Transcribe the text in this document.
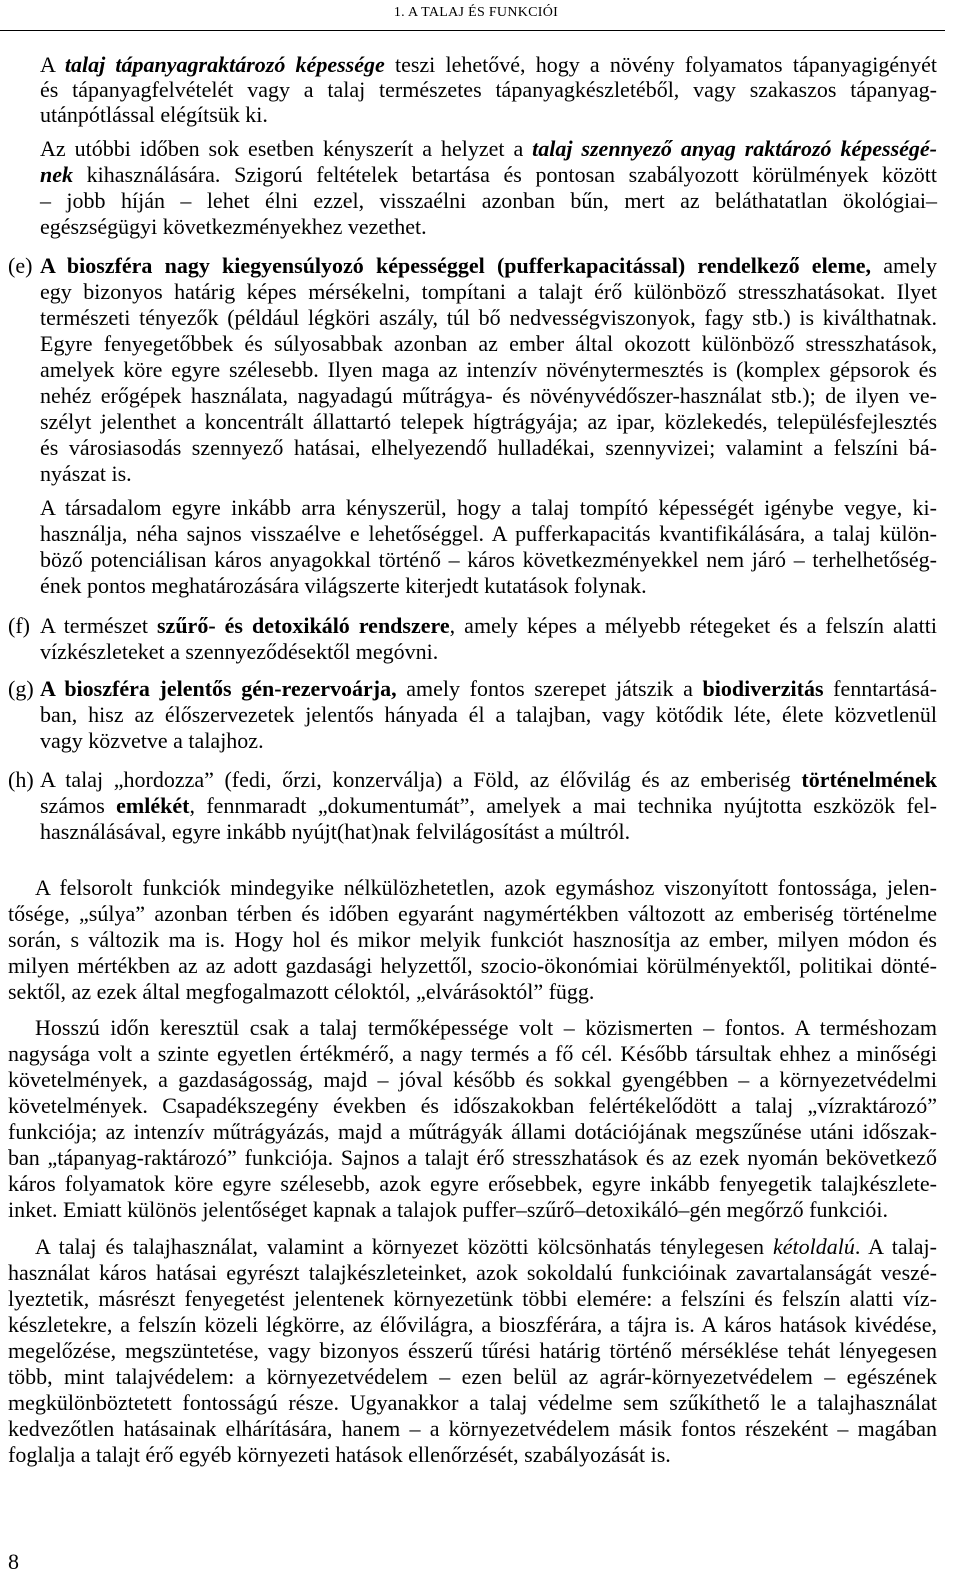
1. A TALAJ ÉS FUNKCIÓI
A talaj tápanyagraktározó képessége teszi lehetővé, hogy a növény folyamatos tápanyagigényét
és tápanyagfelvételét vagy a talaj természetes tápanyagkészletéből, vagy szakaszos tápanyag-
utánpótlással elégítsük ki.
Az utóbbi időben sok esetben kényszerít a helyzet a talaj szennyező anyag raktározó képességé-
nek kihasználására. Szigorú feltételek betartása és pontosan szabályozott körülmények között
– jobb híján – lehet élni ezzel, visszaélni azonban bűn, mert az beláthatatlan ökológiai–
egészségügyi következményekhez vezethet.
(e) A bioszféra nagy kiegyensúlyozó képességgel (pufferkapacitással) rendelkező eleme, amely
egy bizonyos határig képes mérsékelni, tompítani a talajt érő különböző stresszhatásokat. Ilyet
természeti tényezők (például légköri aszály, túl bő nedvességviszonyok, fagy stb.) is kiválthatnak.
Egyre fenyegetőbbek és súlyosabbak azonban az ember által okozott különböző stresszhatások,
amelyek köre egyre szélesebb. Ilyen maga az intenzív növénytermesztés is (komplex gépsorok és
nehéz erőgépek használata, nagyadagú műtrágya- és növényvédőszer-használat stb.); de ilyen ve-
szélyt jelenthet a koncentrált állattartó telepek hígtrágyája; az ipar, közlekedés, településfejlesztés
és városiasodás szennyező hatásai, elhelyezendő hulladékai, szennyvizei; valamint a felszíni bá-
nyászat is.
A társadalom egyre inkább arra kényszerül, hogy a talaj tompító képességét igénybe vegye, ki-
használja, néha sajnos visszaélve e lehetőséggel. A pufferkapacitás kvantifikálására, a talaj külön-
böző potenciálisan káros anyagokkal történő – káros következményekkel nem járó – terhelhetőség-
ének pontos meghatározására világszerte kiterjedt kutatások folynak.
(f) A természet szűrő- és detoxikáló rendszere, amely képes a mélyebb rétegeket és a felszín alatti
vízkészleteket a szennyeződésektől megóvni.
(g) A bioszféra jelentős gén-rezervoárja, amely fontos szerepet játszik a biodiverzitás fenntartásá-
ban, hisz az élőszervezetek jelentős hányada él a talajban, vagy kötődik léte, élete közvetlenül
vagy közvetve a talajhoz.
(h) A talaj „hordozza” (fedi, őrzi, konzerválja) a Föld, az élővilág és az emberiség történelmének
számos emlékét, fennmaradt „dokumentumát”, amelyek a mai technika nyújtotta eszközök fel-
használásával, egyre inkább nyújt(hat)nak felvilágosítást a múltról.
A felsorolt funkciók mindegyike nélkülözhetetlen, azok egymáshoz viszonyított fontossága, jelen-
tősége, „súlya” azonban térben és időben egyaránt nagymértékben változott az emberiség történelme
során, s változik ma is. Hogy hol és mikor melyik funkciót hasznosítja az ember, milyen módon és
milyen mértékben az az adott gazdasági helyzettől, szocio-ökonómiai körülményektől, politikai dönté-
sektől, az ezek által megfogalmazott céloktól, „elvárásoktól” függ.
Hosszú időn keresztül csak a talaj termőképessége volt – közismerten – fontos. A terméshozam
nagysága volt a szinte egyetlen értékmérő, a nagy termés a fő cél. Később társultak ehhez a minőségi
követelmények, a gazdaságosság, majd – jóval később és sokkal gyengébben – a környezetvédelmi
követelmények. Csapadékszegény években és időszakokban felértékelődött a talaj „vízraktározó”
funkciója; az intenzív műtrágyázás, majd a műtrágyák állami dotációjának megszűnése utáni időszak-
ban „tápanyag-raktározó” funkciója. Sajnos a talajt érő stresszhatások és az ezek nyomán bekövetkező
káros folyamatok köre egyre szélesebb, azok egyre erősebbek, egyre inkább fenyegetik talajkészlete-
inket. Emiatt különös jelentőséget kapnak a talajok puffer–szűrő–detoxikáló–gén megőrző funkciói.
A talaj és talajhasználat, valamint a környezet közötti kölcsönhatás ténylegesen kétoldalú. A talaj-
használat káros hatásai egyrészt talajkészleteinket, azok sokoldalú funkcióinak zavartalanságát veszé-
lyeztetik, másrészt fenyegetést jelentenek környezetünk többi elemére: a felszíni és felszín alatti víz-
készletekre, a felszín közeli légkörre, az élővilágra, a bioszférára, a tájra is. A káros hatások kivédése,
megelőzése, megszüntetése, vagy bizonyos ésszerű tűrési határig történő mérséklése tehát lényegesen
több, mint talajvédelem: a környezetvédelem – ezen belül az agrár-környezetvédelem – egészének
megkülönböztetett fontosságú része. Ugyanakkor a talaj védelme sem szűkíthető le a talajhasználat
kedvezőtlen hatásainak elhárítására, hanem – a környezetvédelem másik fontos részeként – magában
foglalja a talajt érő egyéb környezeti hatások ellenőrzését, szabályozását is.
8
